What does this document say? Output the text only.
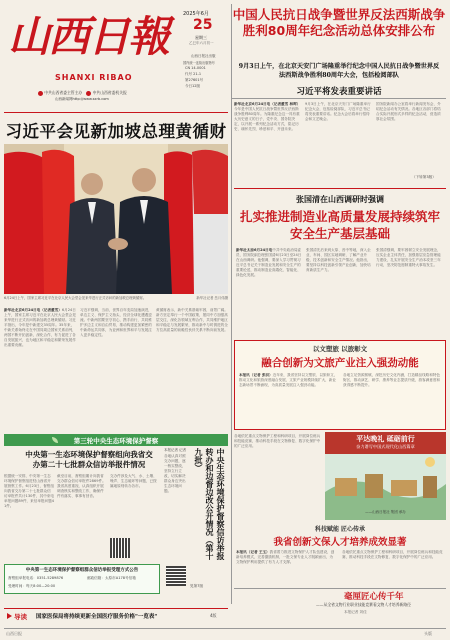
山西日報
SHANXI RIBAO
2025年6月
25
星期三
乙巳年六月初一
山西日报社出版
国内统一连续出版物号
CN 14-0001
代号 21-1
第27601号
今日12版
中共山西省委主管主办	中共山西省委机关报
山西新闻网http://www.sxrb.com
中国人民抗日战争暨世界反法西斯战争胜利80周年纪念活动总体安排公布
9月3日上午，在北京天安门广场隆重举行纪念中国人民抗日战争暨世界反法西斯战争胜利80周年大会，包括检阅部队
习近平将发表重要讲话
新华社北京6月24日电（记者董雪 林晖）今年是中国人民抗日战争暨世界反法西斯战争胜利80周年。为隆重纪念这一具有重大历史意义的日子，党中央、国务院决定，以开展一系列纪念活动方式，铭记历史、缅怀先烈、珍爱和平、开创未来。
9月3日上午，在北京天安门广场隆重举行纪念大会，包括检阅部队，习近平总书记将发表重要讲话。纪念大会后将举行招待会和文艺晚会。
国务院新闻办公室将举行新闻发布会，介绍纪念活动有关情况。各地区各部门将结合实际开展形式多样的纪念活动，营造浓厚社会氛围。
（下转第3版）
习近平会见新加坡总理黄循财
6月24日上午，国家主席习近平在北京人民大会堂会见来华进行正式访问的新加坡总理黄循财。	新华社记者 岳月伟摄
新华社北京6月24日电（记者董雪）6月24日上午，国家主席习近平在北京人民大会堂会见来华进行正式访问的新加坡总理黄循财。习近平指出，今年是中新建交35周年。35年来，中新关系始终走在中国同周边国家关系前列，两国不断开拓创新，深化合作，有力促进了各自发展振兴，也为地区和平稳定和繁荣发展作出重要贡献。
习近平强调，当前，世界百年变局加速演进，单边主义、保护主义抬头，经济全球化遭遇逆流。中新两国要坚守初心，携手前行，共同维护多边主义和自由贸易，推动构建更加紧密的中新命运共同体，为亚洲和世界和平与发展注入更多稳定性。
黄循财表示，新中关系基础牢固，前景广阔。新方坚定奉行一个中国政策，愿同中方加强高层交往，深化各领域互利合作，共同维护地区和平稳定与发展繁荣，推动新中与时俱进的全方位高质量的前瞻性伙伴关系不断向前发展。
张国清在山西调研时强调
扎实推进制造业高质量发展持续筑牢安全生产基层基础
新华社太原6月24日电中共中央政治局委员、国务院副总理张国清6月23日至24日在山西调研。他强调，要深入学习贯彻习近平总书记关于制造业发展和安全生产的重要论述，推动制造业高端化、智能化、绿色化发展。
张国清先后来到太原、晋中等地，深入企业、车间、园区实地调研，了解产业升级、技术创新和安全生产情况。他指出，要坚持以科技创新引领产业创新，加快培育新质生产力。
张国清强调，要牢固树立安全发展理念，压实企业主体责任，加强基层应急管理能力建设，扎实开展安全生产治本攻坚三年行动，坚决防范遏制重特大事故发生。
以文塑旅 以旅彰文
融合创新为文旅产业注入强劲动能
本报讯（记者 张羽）近年来，我省坚持以文塑旅、以旅彰文，推动文化和旅游深度融合发展，文旅产业规模持续扩大，新业态新场景不断涌现，为高质量发展注入强劲动能。
各地立足资源禀赋，深挖历史文化内涵，打造精品线路和特色街区，推动演艺、研学、康养等业态提质升级，游客满意度和获得感不断提升。
平达晚礼 砥砺前行
奋力谱写中国式现代化山西篇章
——山西日报社 集团 承办
各地依托重点文物保护工程和科研项目，开展岗位练兵和技能竞赛，推动科技手段在文物修复、数字化保护中的广泛应用。
科技赋能 匠心传承
我省创新文保人才培养成效显著
本报讯（记者 王玉）我省着力推进文物保护人才队伍建设，创新培养模式，完善激励机制，一批文保专业人才脱颖而出，为文物保护利用提供了有力人才支撑。
各地依托重点文物保护工程和科研项目，开展岗位练兵和技能竞赛，推动科技手段在文物修复、数字化保护中的广泛应用。
毫厘匠心传千年
——从全省文物行业职业技能竞赛看文物人才培养新路径
本报记者 刘佳
第三轮中央生态环境保护督察
中央第一生态环境保护督察组向我省交办第二十七批群众信访举报件情况
根据统一安排，中央第一生态环境保护督察组进驻山西省开展督察工作。6月23日，督察组向我省交办第二十七批群众信访举报件共计130件，其中来电举报问题89件，来信举报问题41件。
截至目前，督察组累计向我省交办群众信访举报件2869件。我省高度重视，认真组织开展调查核实和整改工作，确保件件有落实、事事有回音。
交办件涉及大气、水、土壤、噪声、生态破坏等问题，已按属地原则转办各市。
本报记者 记者
各地认真对照交办问题，逐一核实整改，坚持立行立改，切实解决群众身边突出生态环境问题。	中央生态环境保护督察信访举报转办和边督边改公开情况（第十九批）
中央第一生态环境保护督察组群众信访举报受理方式公告
督察组举报电话：0351-5289876	邮政信箱：太原市A178号信箱
受理时间：每天8:00—20:00	见第7版
导读 国家医保局将持续更新全国医疗服务价格"一览表"	4版
山西日报	头版
